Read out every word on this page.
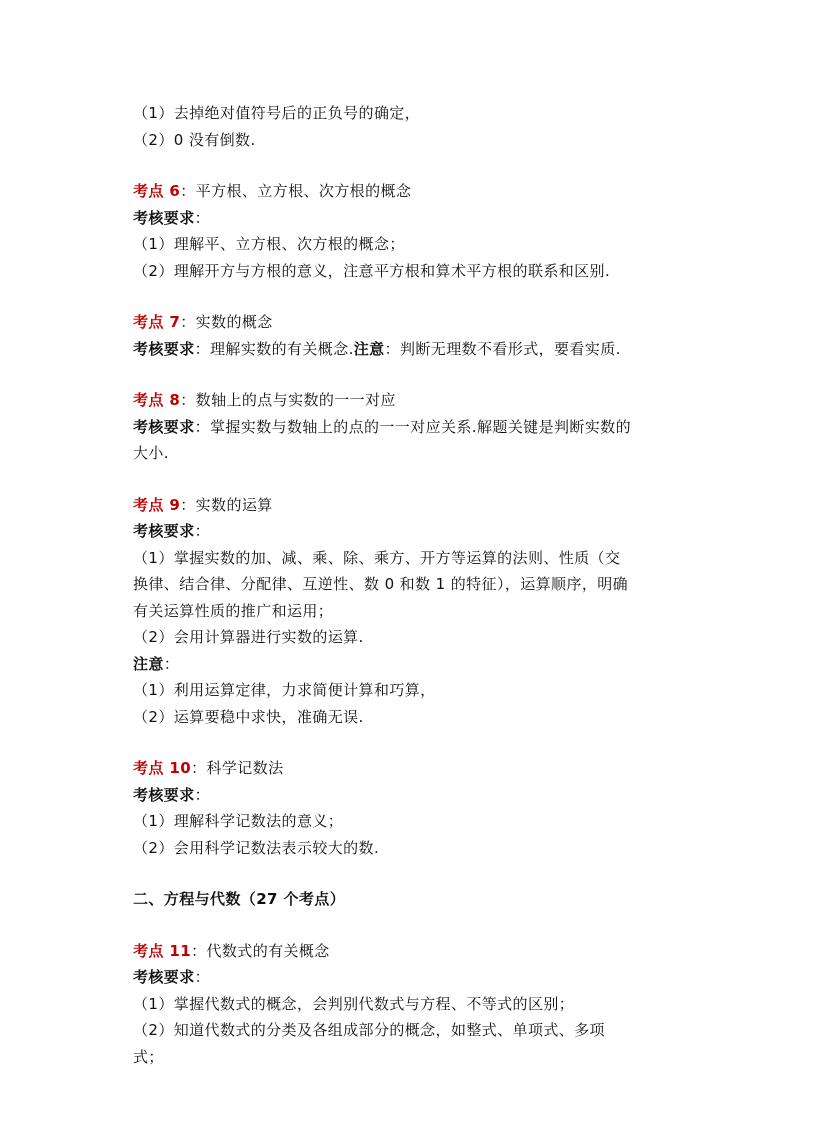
（1）去掉绝对值符号后的正负号的确定，
（2）0 没有倒数.
考点 6：平方根、立方根、次方根的概念
考核要求：
（1）理解平、立方根、次方根的概念；
（2）理解开方与方根的意义，注意平方根和算术平方根的联系和区别.
考点 7：实数的概念
考核要求：理解实数的有关概念.注意：判断无理数不看形式，要看实质.
考点 8：数轴上的点与实数的一一对应
考核要求：掌握实数与数轴上的点的一一对应关系.解题关键是判断实数的
大小.
考点 9：实数的运算
考核要求：
（1）掌握实数的加、减、乘、除、乘方、开方等运算的法则、性质（交
换律、结合律、分配律、互逆性、数 0 和数 1 的特征），运算顺序，明确
有关运算性质的推广和运用；
（2）会用计算器进行实数的运算.
注意：
（1）利用运算定律，力求简便计算和巧算，
（2）运算要稳中求快，准确无误.
考点 10：科学记数法
考核要求：
（1）理解科学记数法的意义；
（2）会用科学记数法表示较大的数.
二、方程与代数（27 个考点）
考点 11：代数式的有关概念
考核要求：
（1）掌握代数式的概念，会判别代数式与方程、不等式的区别；
（2）知道代数式的分类及各组成部分的概念，如整式、单项式、多项
式；
